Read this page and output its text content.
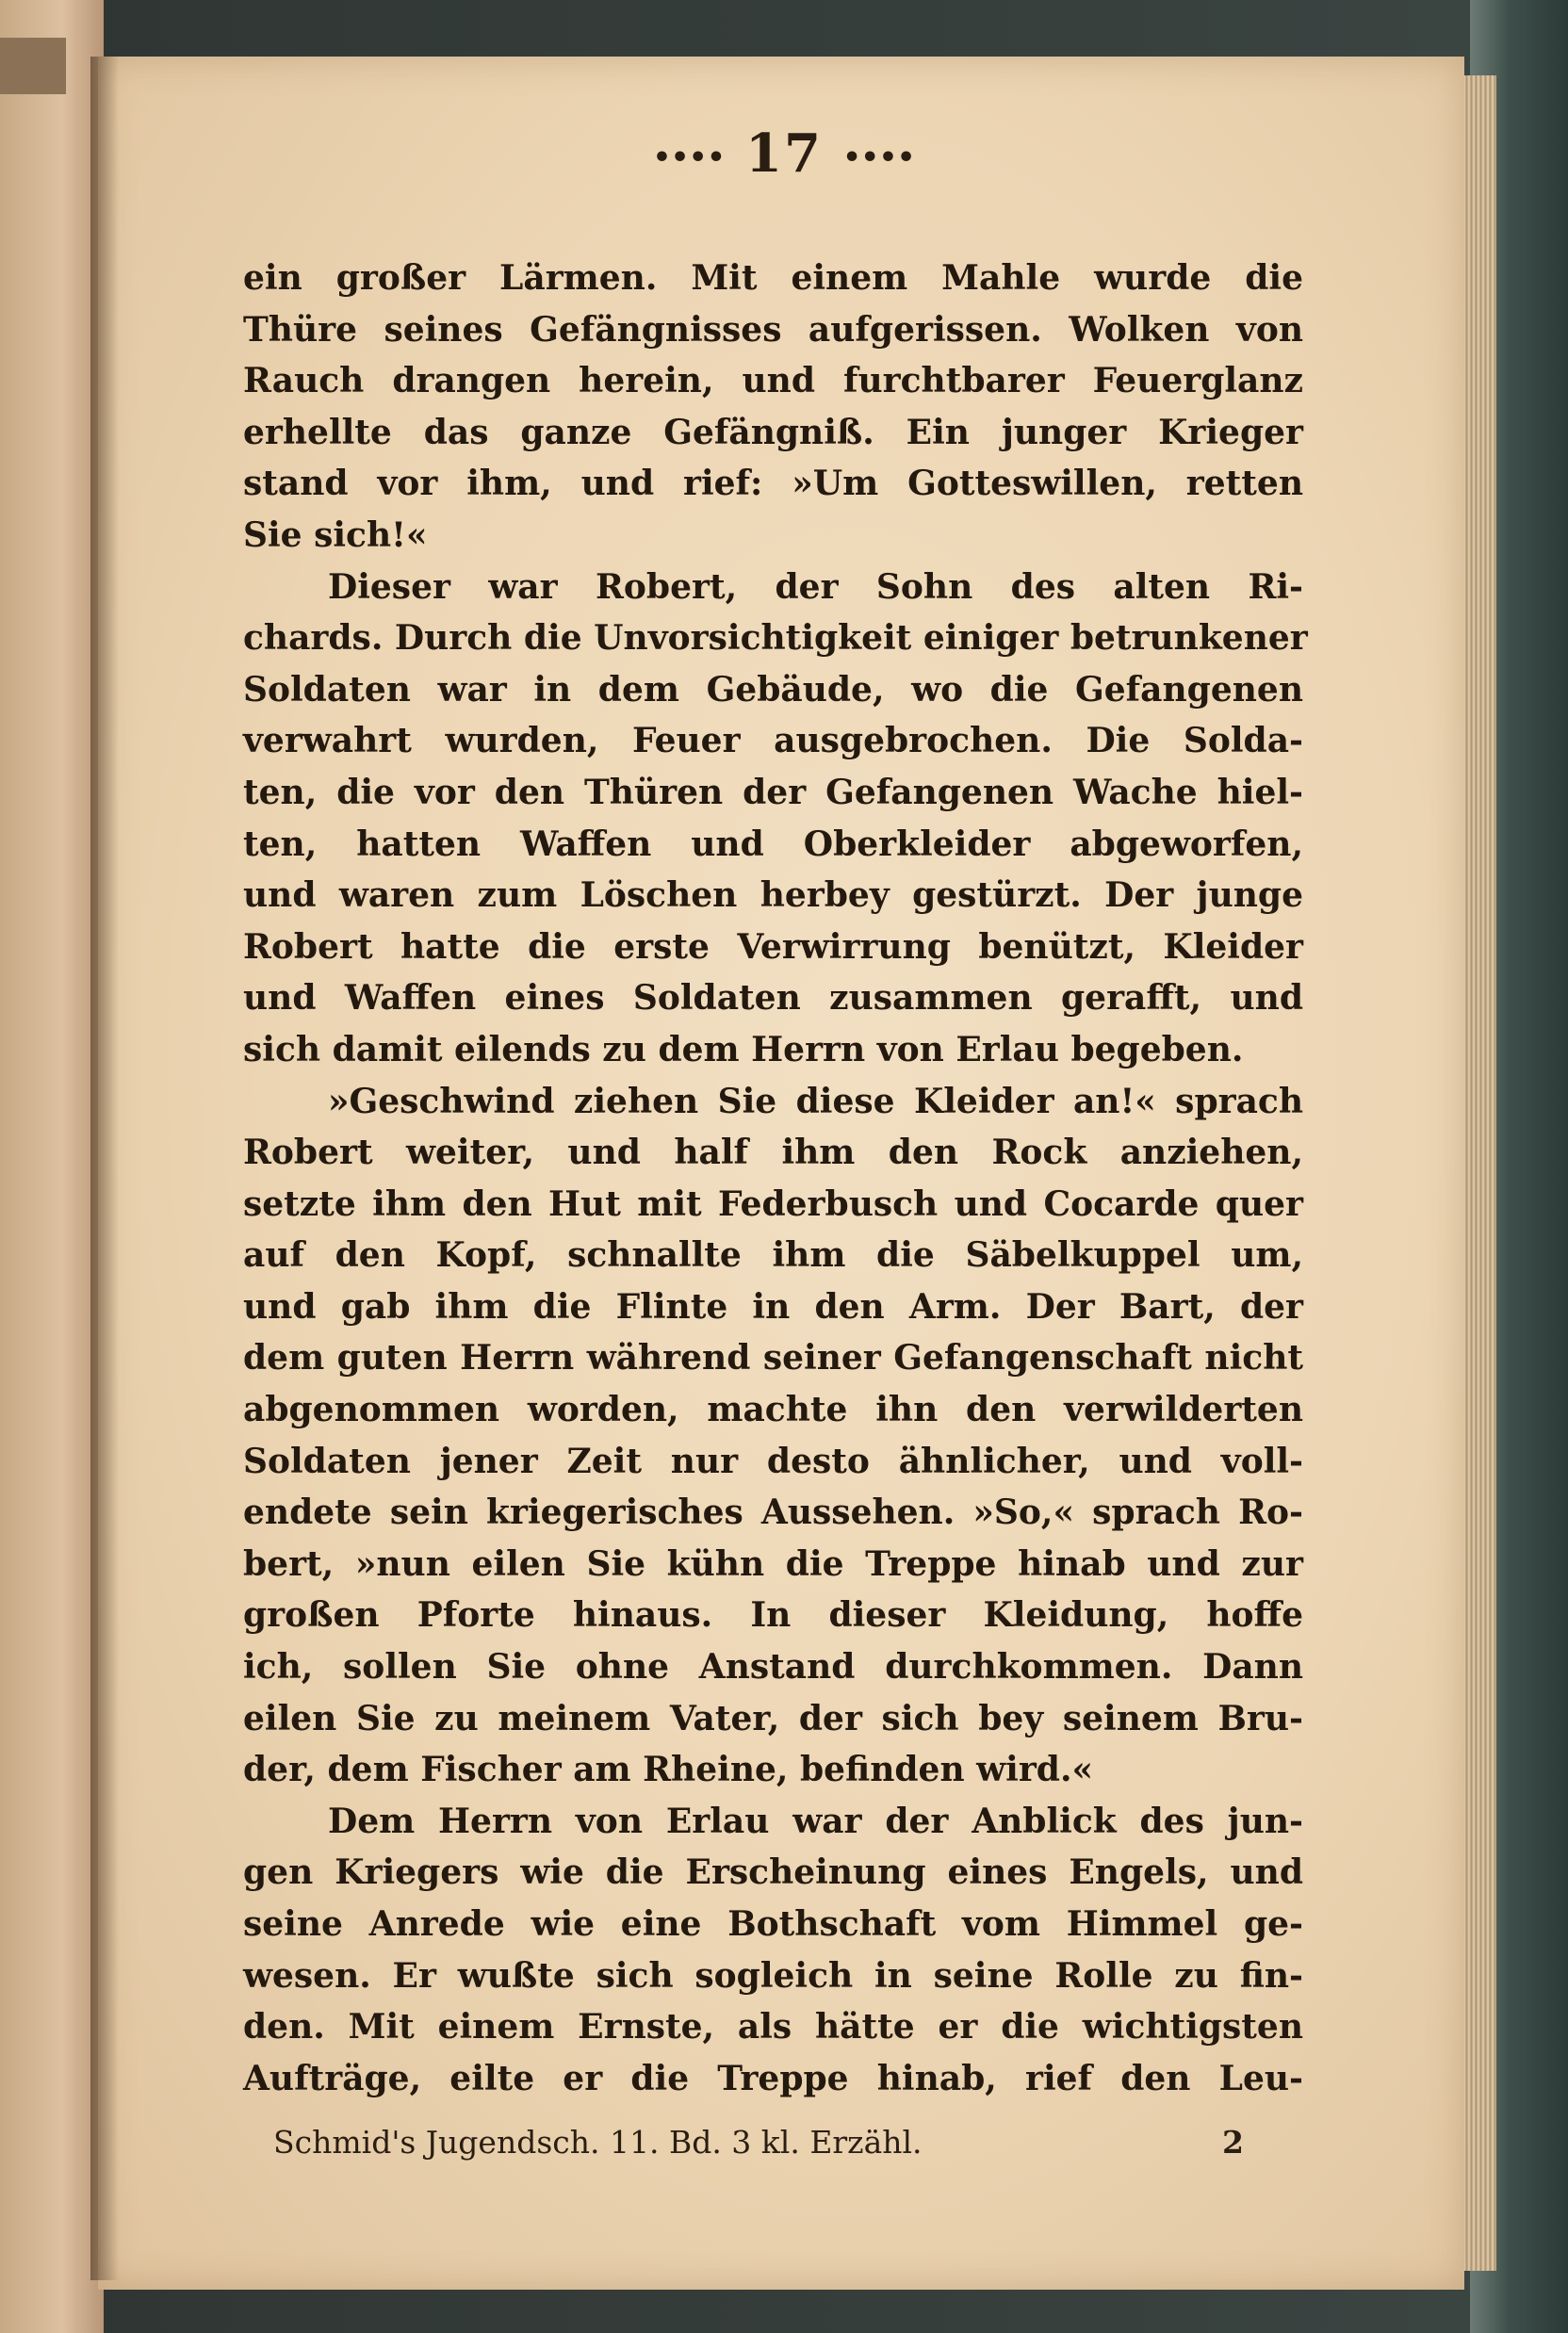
•••• 17 ••••
ein großer Lärmen. Mit einem Mahle wurde die
Thüre seines Gefängnisses aufgerissen. Wolken von
Rauch drangen herein, und furchtbarer Feuerglanz
erhellte das ganze Gefängniß. Ein junger Krieger
stand vor ihm, und rief: »Um Gotteswillen, retten
Sie sich!«
Dieser war Robert, der Sohn des alten Ri-
chards. Durch die Unvorsichtigkeit einiger betrunkener
Soldaten war in dem Gebäude, wo die Gefangenen
verwahrt wurden, Feuer ausgebrochen. Die Solda-
ten, die vor den Thüren der Gefangenen Wache hiel-
ten, hatten Waffen und Oberkleider abgeworfen,
und waren zum Löschen herbey gestürzt. Der junge
Robert hatte die erste Verwirrung benützt, Kleider
und Waffen eines Soldaten zusammen gerafft, und
sich damit eilends zu dem Herrn von Erlau begeben.
»Geschwind ziehen Sie diese Kleider an!« sprach
Robert weiter, und half ihm den Rock anziehen,
setzte ihm den Hut mit Federbusch und Cocarde quer
auf den Kopf, schnallte ihm die Säbelkuppel um,
und gab ihm die Flinte in den Arm. Der Bart, der
dem guten Herrn während seiner Gefangenschaft nicht
abgenommen worden, machte ihn den verwilderten
Soldaten jener Zeit nur desto ähnlicher, und voll-
endete sein kriegerisches Aussehen. »So,« sprach Ro-
bert, »nun eilen Sie kühn die Treppe hinab und zur
großen Pforte hinaus. In dieser Kleidung, hoffe
ich, sollen Sie ohne Anstand durchkommen. Dann
eilen Sie zu meinem Vater, der sich bey seinem Bru-
der, dem Fischer am Rheine, befinden wird.«
Dem Herrn von Erlau war der Anblick des jun-
gen Kriegers wie die Erscheinung eines Engels, und
seine Anrede wie eine Bothschaft vom Himmel ge-
wesen. Er wußte sich sogleich in seine Rolle zu fin-
den. Mit einem Ernste, als hätte er die wichtigsten
Aufträge, eilte er die Treppe hinab, rief den Leu-
Schmid's Jugendsch. 11. Bd. 3 kl. Erzähl.	2
